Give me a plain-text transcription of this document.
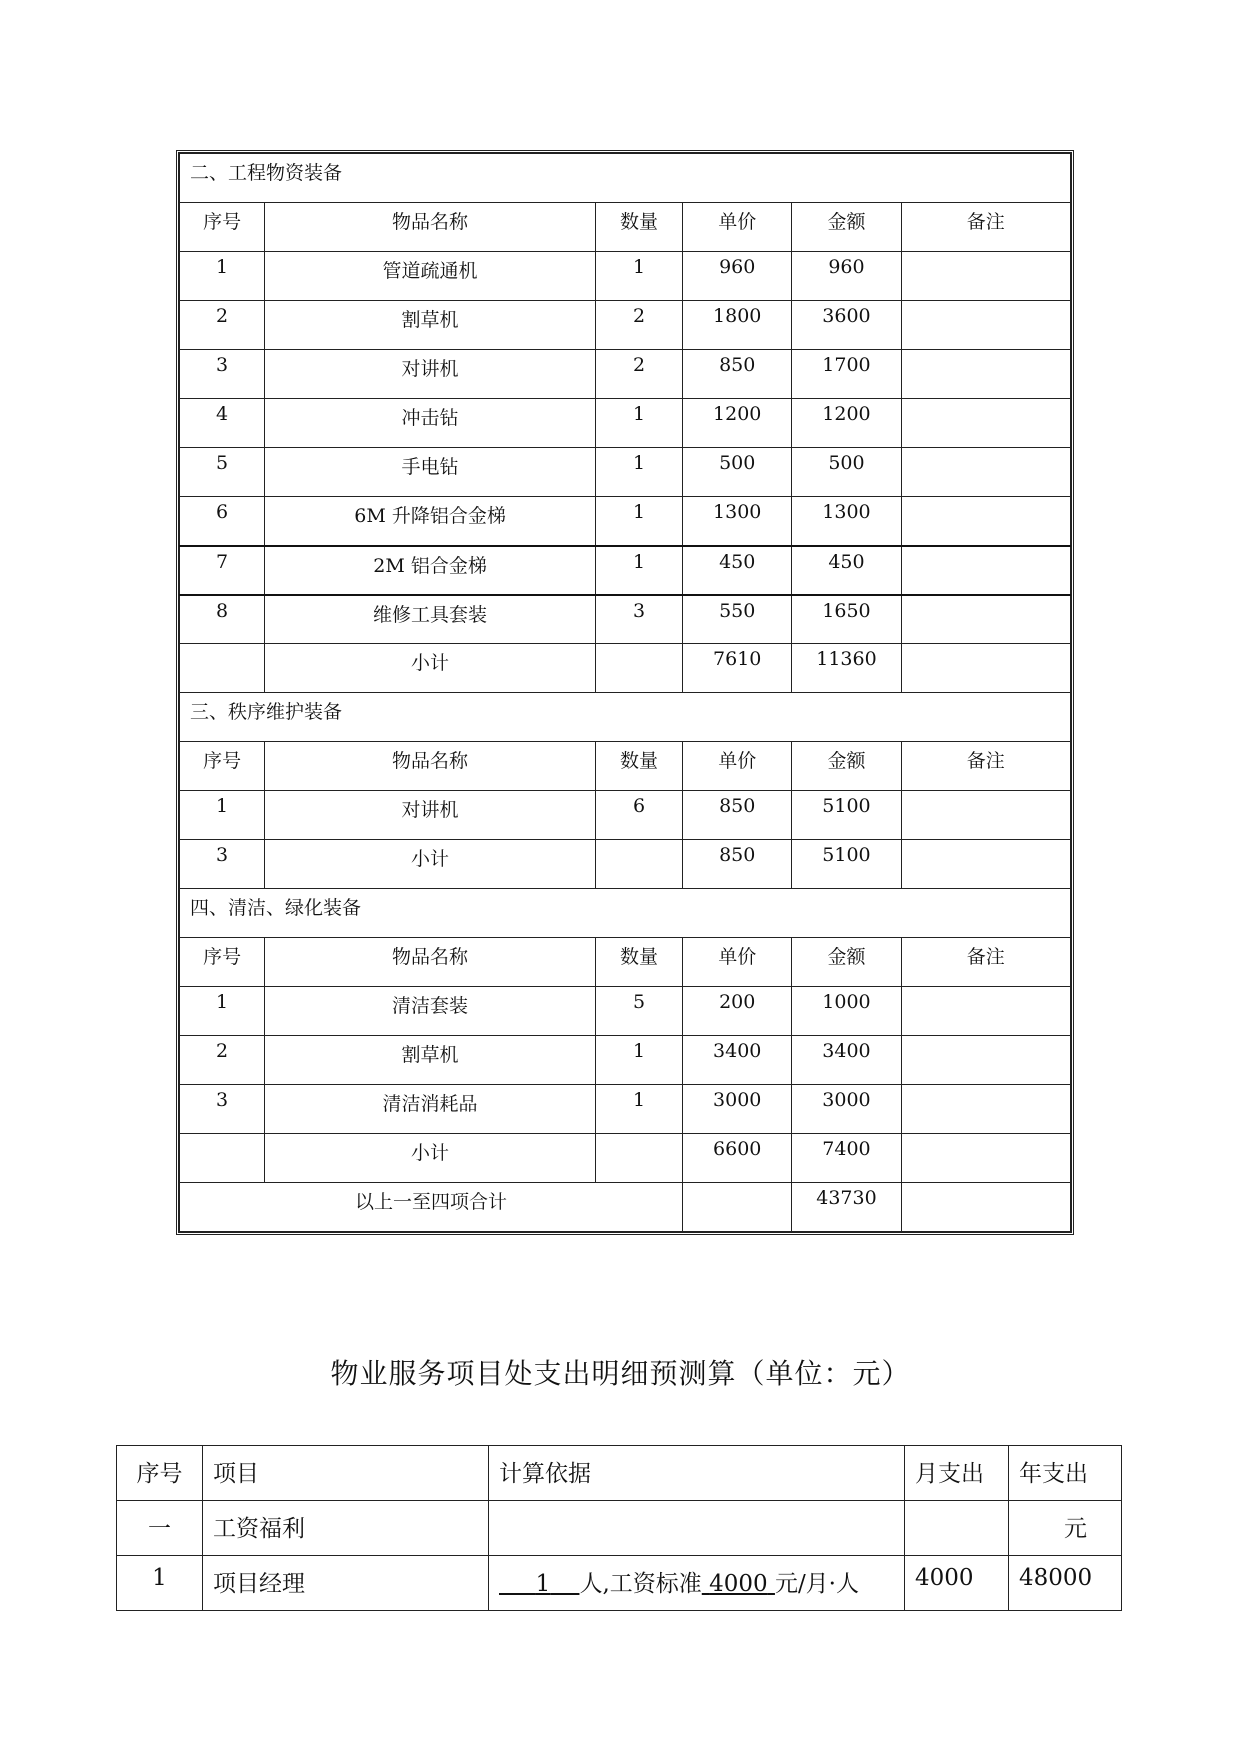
二、工程物资装备					
序号	物品名称	数量	单价	金额	备注
1	管道疏通机	1	960	960	
2	割草机	2	1800	3600	
3	对讲机	2	850	1700	
4	冲击钻	1	1200	1200	
5	手电钻	1	500	500	
6	6M 升降铝合金梯	1	1300	1300	
7	2M 铝合金梯	1	450	450	
8	维修工具套装	3	550	1650	
	小计		7610	11360	
三、秩序维护装备					
序号	物品名称	数量	单价	金额	备注
1	对讲机	6	850	5100	
3	小计		850	5100	
四、清洁、绿化装备					
序号	物品名称	数量	单价	金额	备注
1	清洁套装	5	200	1000	
2	割草机	1	3400	3400	
3	清洁消耗品	1	3000	3000	
	小计		6600	7400	
以上一至四项合计				43730	
物业服务项目处支出明细预测算（单位：元）
序号	项目	计算依据	月支出	年支出
一	工资福利			元
1	项目经理	1 人,工资标准 4000 元/月·人	4000	48000
